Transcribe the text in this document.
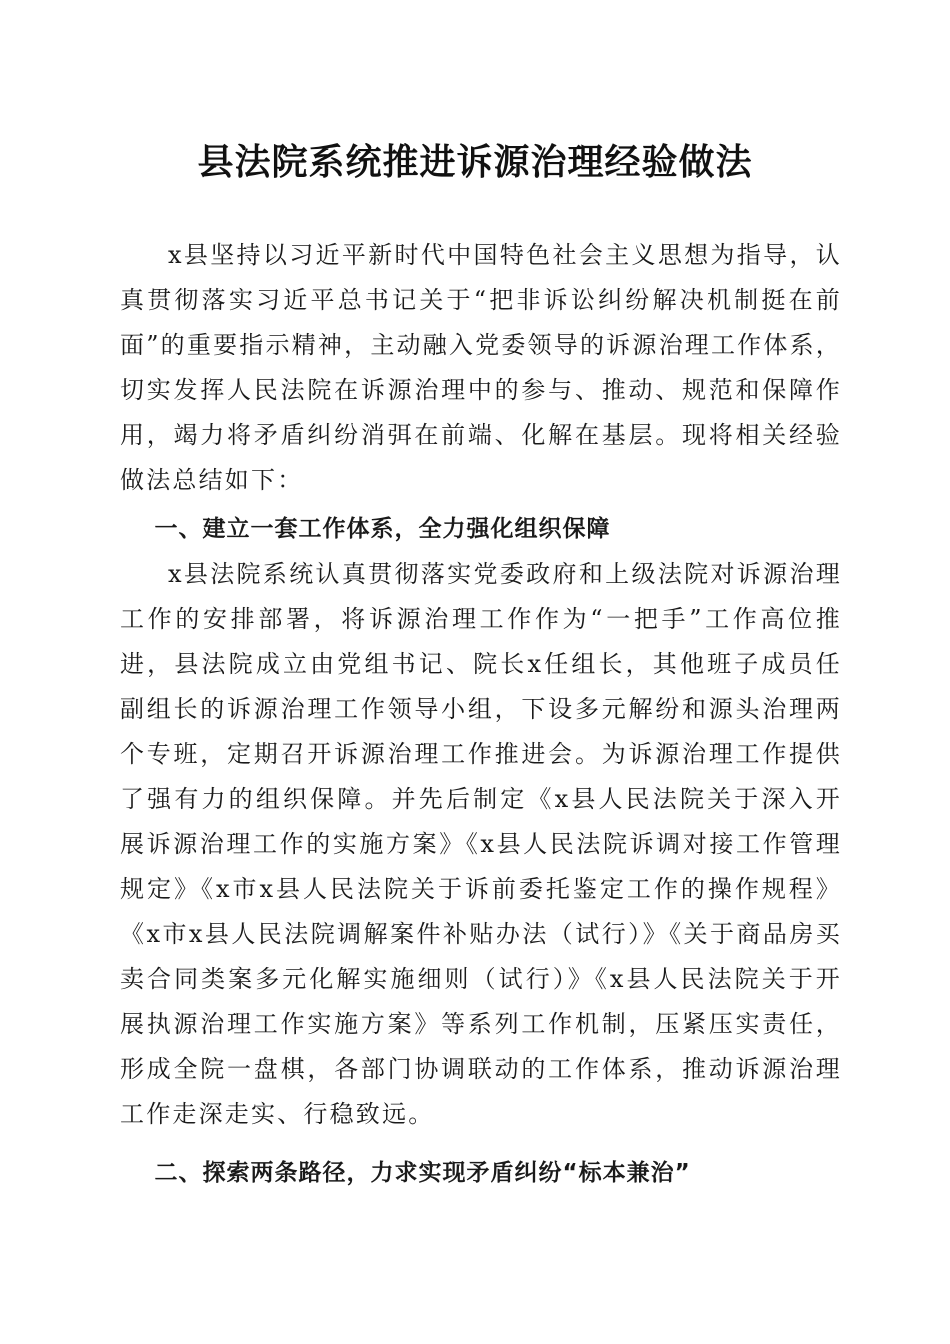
县法院系统推进诉源治理经验做法

x县坚持以习近平新时代中国特色社会主义思想为指导，认真贯彻落实习近平总书记关于“把非诉讼纠纷解决机制挺在前面”的重要指示精神，主动融入党委领导的诉源治理工作体系，切实发挥人民法院在诉源治理中的参与、推动、规范和保障作用，竭力将矛盾纠纷消弭在前端、化解在基层。现将相关经验做法总结如下：

一、建立一套工作体系，全力强化组织保障

x县法院系统认真贯彻落实党委政府和上级法院对诉源治理工作的安排部署，将诉源治理工作作为“一把手”工作高位推进，县法院成立由党组书记、院长x任组长，其他班子成员任副组长的诉源治理工作领导小组，下设多元解纷和源头治理两个专班，定期召开诉源治理工作推进会。为诉源治理工作提供了强有力的组织保障。并先后制定《x县人民法院关于深入开展诉源治理工作的实施方案》《x县人民法院诉调对接工作管理规定》《x市x县人民法院关于诉前委托鉴定工作的操作规程》《x市x县人民法院调解案件补贴办法（试行）》《关于商品房买卖合同类案多元化解实施细则（试行）》《x县人民法院关于开展执源治理工作实施方案》等系列工作机制，压紧压实责任，形成全院一盘棋，各部门协调联动的工作体系，推动诉源治理工作走深走实、行稳致远。

二、探索两条路径，力求实现矛盾纠纷“标本兼治”
